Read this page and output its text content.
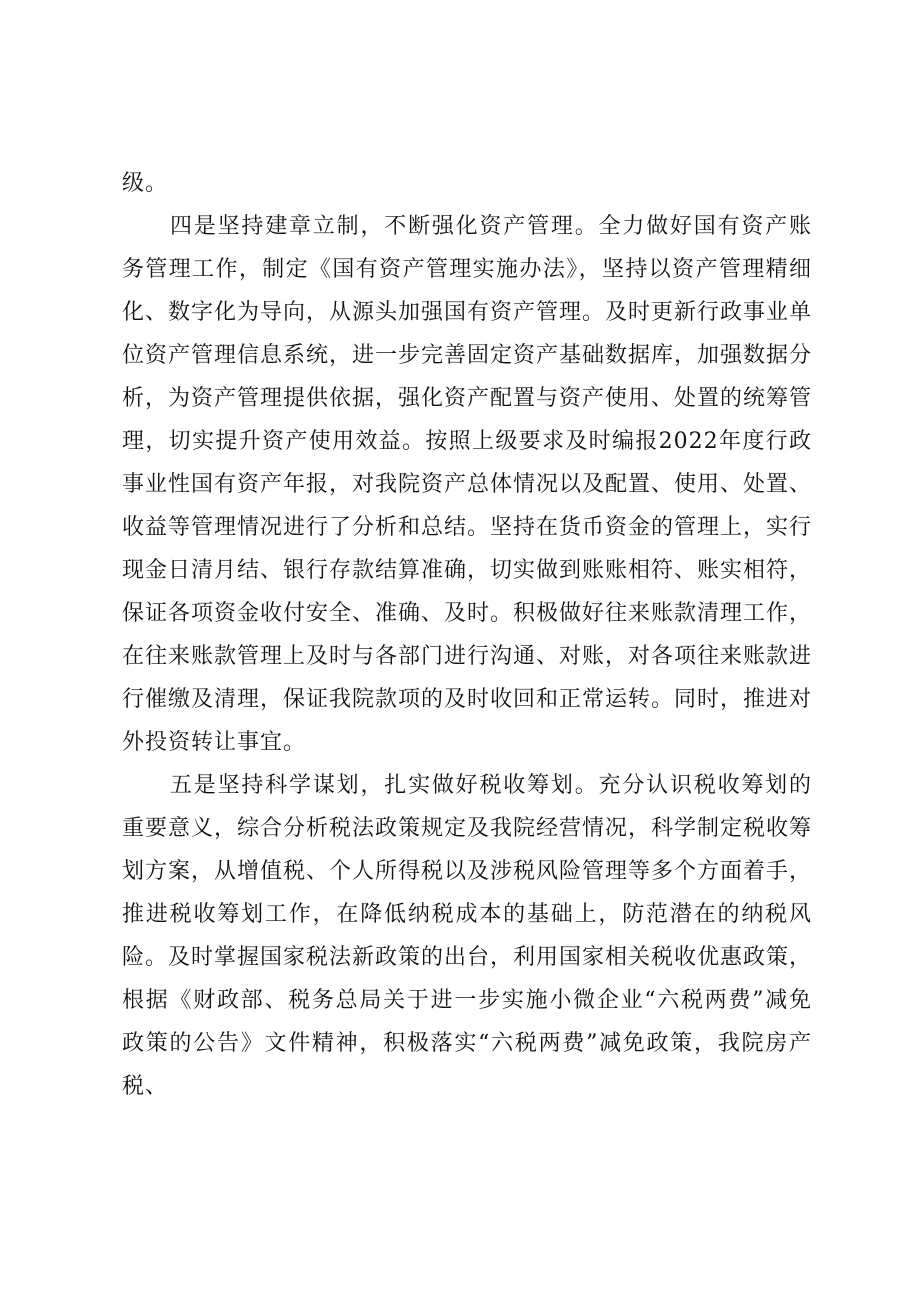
级。

四是坚持建章立制，不断强化资产管理。全力做好国有资产账务管理工作，制定《国有资产管理实施办法》，坚持以资产管理精细化、数字化为导向，从源头加强国有资产管理。及时更新行政事业单位资产管理信息系统，进一步完善固定资产基础数据库，加强数据分析，为资产管理提供依据，强化资产配置与资产使用、处置的统筹管理，切实提升资产使用效益。按照上级要求及时编报2022年度行政事业性国有资产年报，对我院资产总体情况以及配置、使用、处置、收益等管理情况进行了分析和总结。坚持在货币资金的管理上，实行现金日清月结、银行存款结算准确，切实做到账账相符、账实相符，保证各项资金收付安全、准确、及时。积极做好往来账款清理工作，在往来账款管理上及时与各部门进行沟通、对账，对各项往来账款进行催缴及清理，保证我院款项的及时收回和正常运转。同时，推进对外投资转让事宜。

五是坚持科学谋划，扎实做好税收筹划。充分认识税收筹划的重要意义，综合分析税法政策规定及我院经营情况，科学制定税收筹划方案，从增值税、个人所得税以及涉税风险管理等多个方面着手，推进税收筹划工作，在降低纳税成本的基础上，防范潜在的纳税风险。及时掌握国家税法新政策的出台，利用国家相关税收优惠政策，根据《财政部、税务总局关于进一步实施小微企业“六税两费”减免政策的公告》文件精神，积极落实“六税两费”减免政策，我院房产税、
